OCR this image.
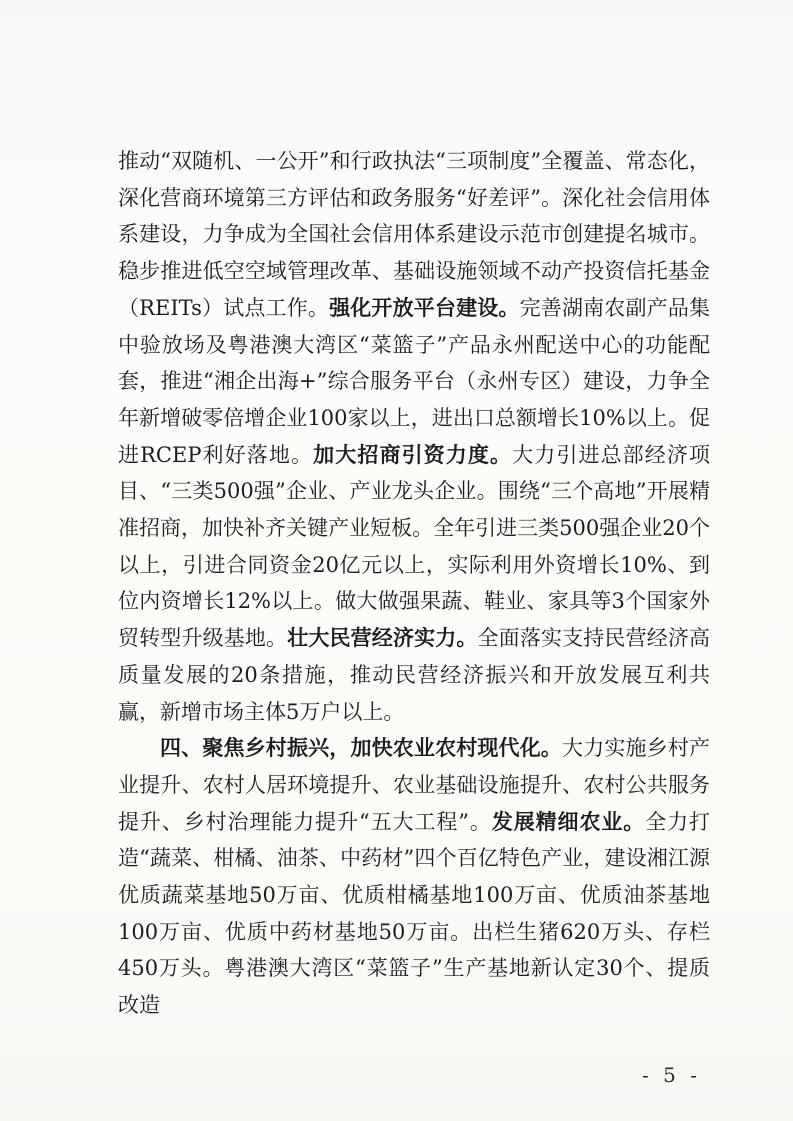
推动“双随机、一公开”和行政执法“三项制度”全覆盖、常态化，深化营商环境第三方评估和政务服务“好差评”。深化社会信用体系建设，力争成为全国社会信用体系建设示范市创建提名城市。稳步推进低空空域管理改革、基础设施领域不动产投资信托基金（REITs）试点工作。强化开放平台建设。完善湖南农副产品集中验放场及粤港澳大湾区“菜篮子”产品永州配送中心的功能配套，推进“湘企出海+”综合服务平台（永州专区）建设，力争全年新增破零倍增企业100家以上，进出口总额增长10%以上。促进RCEP利好落地。加大招商引资力度。大力引进总部经济项目、“三类500强”企业、产业龙头企业。围绕“三个高地”开展精准招商，加快补齐关键产业短板。全年引进三类500强企业20个以上，引进合同资金20亿元以上，实际利用外资增长10%、到位内资增长12%以上。做大做强果蔬、鞋业、家具等3个国家外贸转型升级基地。壮大民营经济实力。全面落实支持民营经济高质量发展的20条措施，推动民营经济振兴和开放发展互利共赢，新增市场主体5万户以上。

四、聚焦乡村振兴，加快农业农村现代化。大力实施乡村产业提升、农村人居环境提升、农业基础设施提升、农村公共服务提升、乡村治理能力提升“五大工程”。发展精细农业。全力打造“蔬菜、柑橘、油茶、中药材”四个百亿特色产业，建设湘江源优质蔬菜基地50万亩、优质柑橘基地100万亩、优质油茶基地100万亩、优质中药材基地50万亩。出栏生猪620万头、存栏450万头。粤港澳大湾区“菜篮子”生产基地新认定30个、提质改造

- 5 -
